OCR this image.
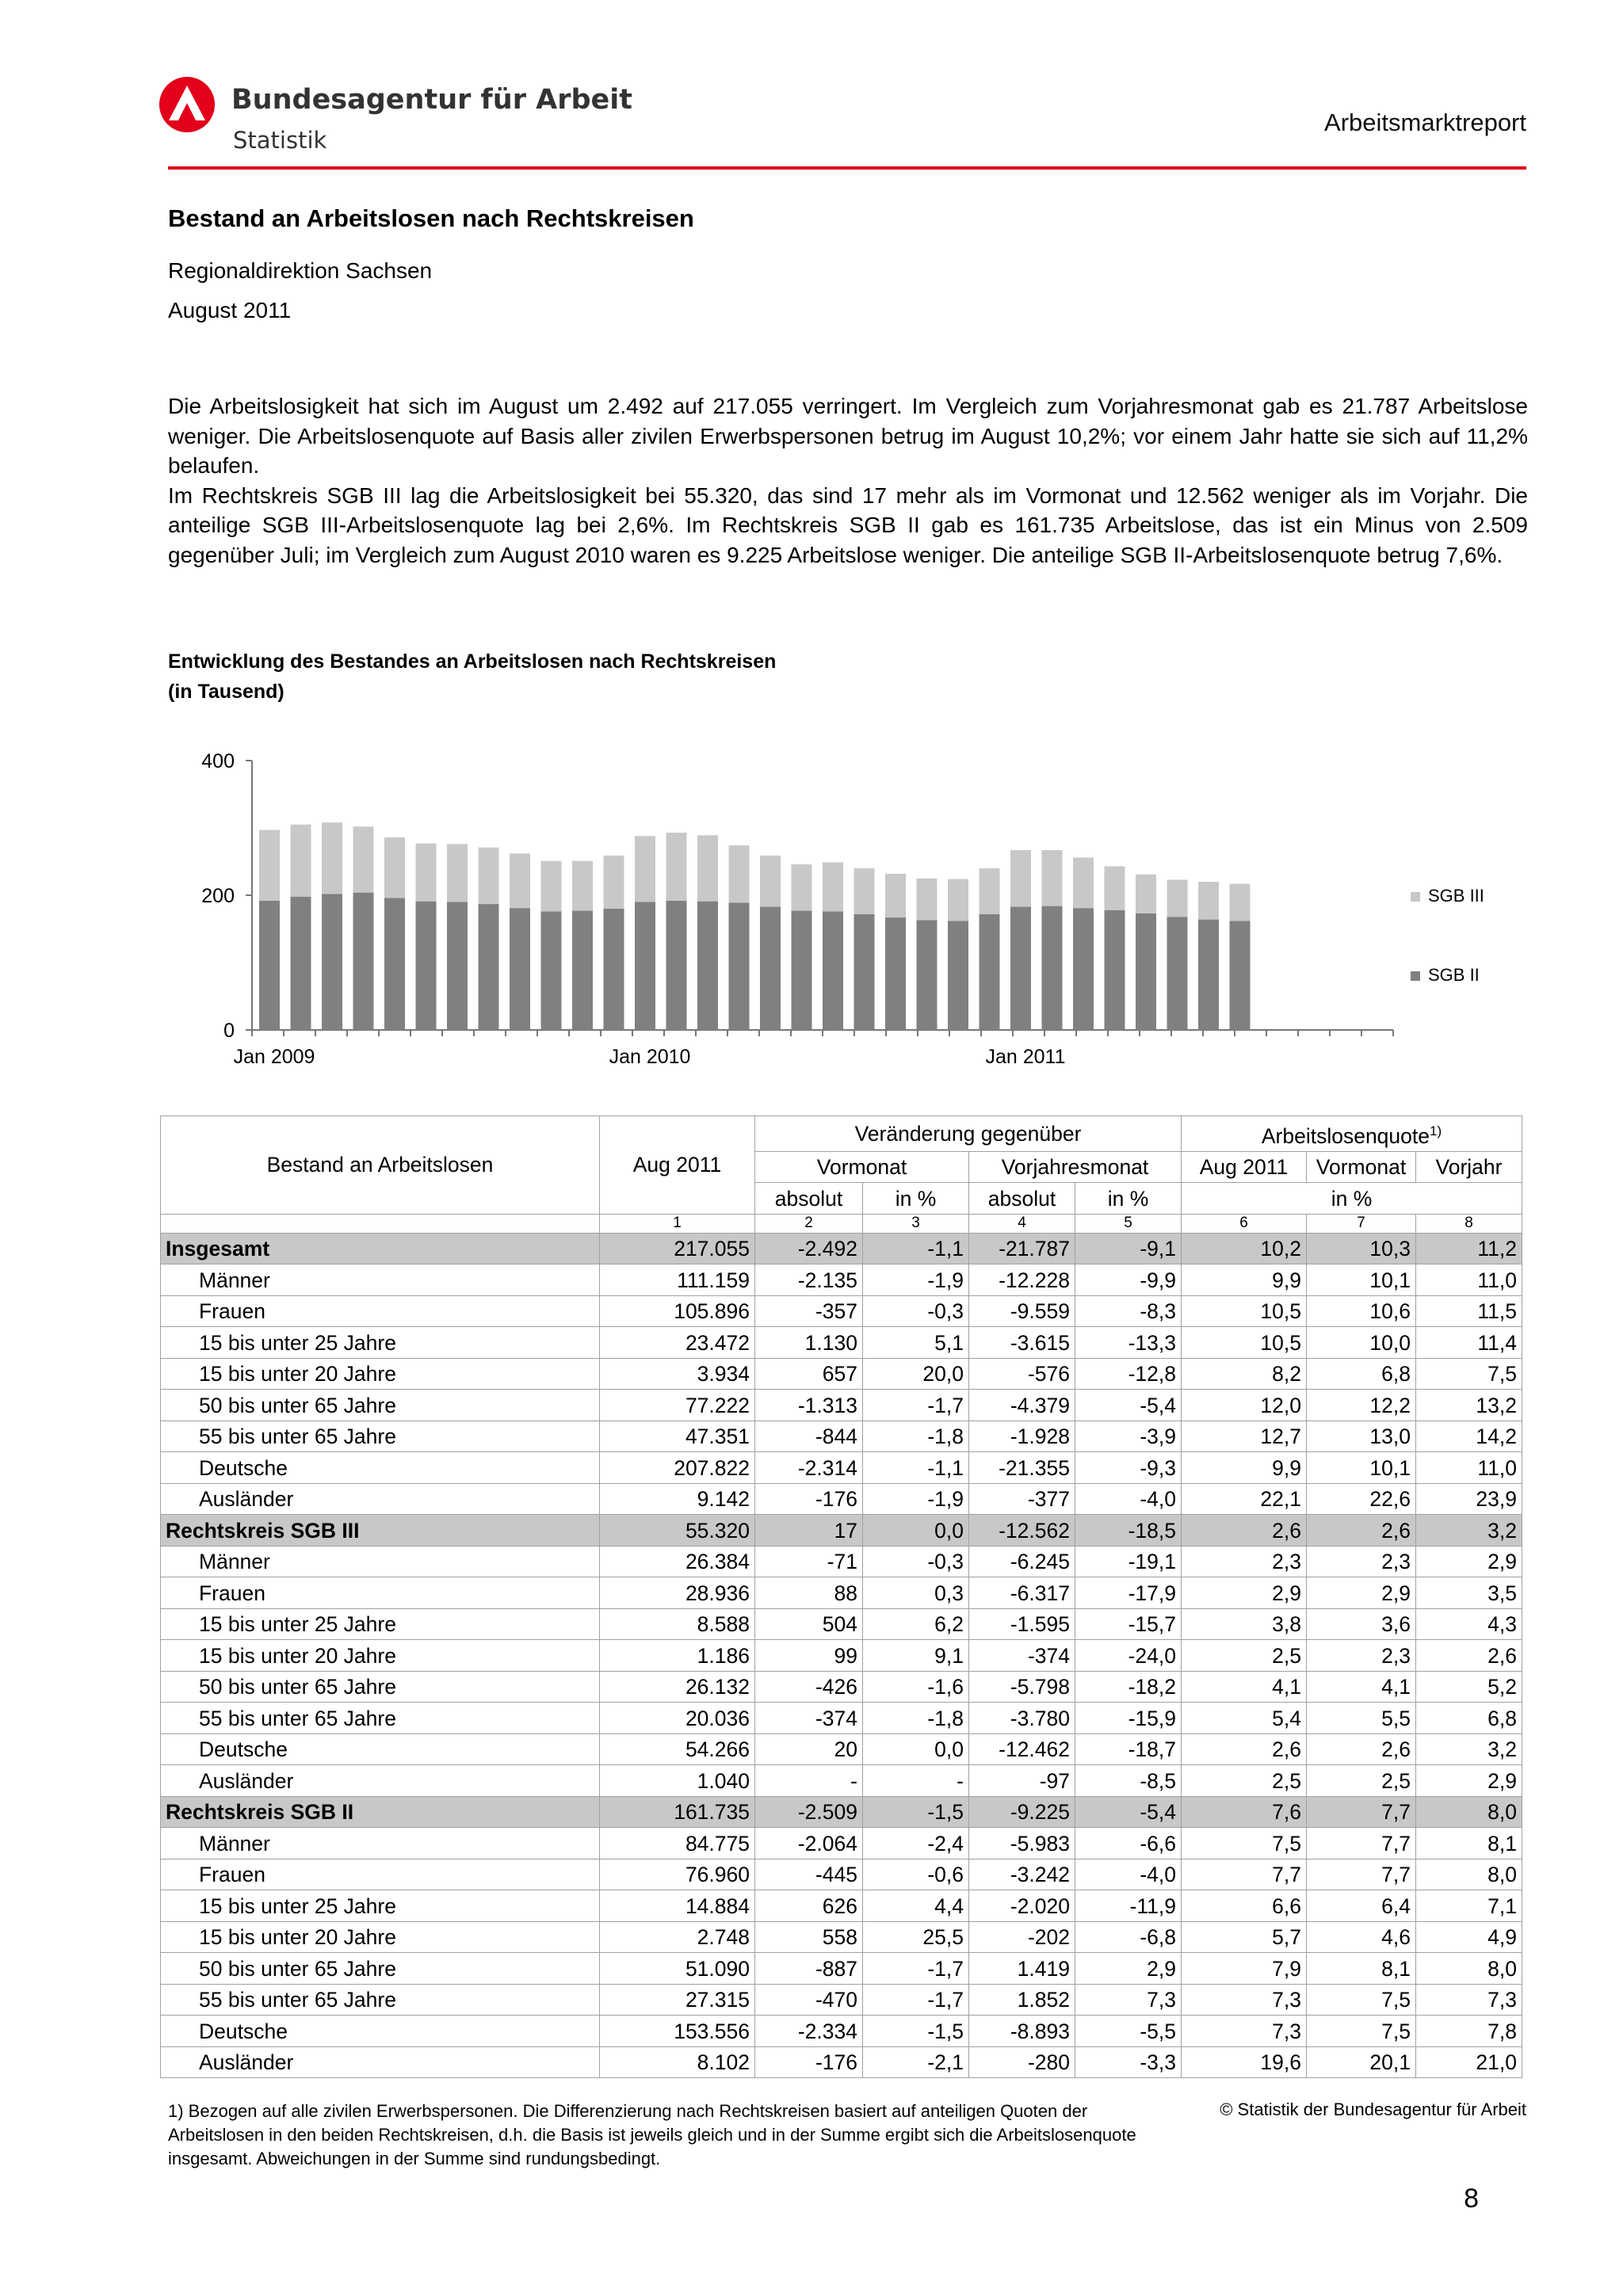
Bundesagentur für Arbeit
Statistik
Arbeitsmarktreport
Bestand an Arbeitslosen nach Rechtskreisen
Regionaldirektion Sachsen
August 2011

Die Arbeitslosigkeit hat sich im August um 2.492 auf 217.055 verringert. Im Vergleich zum Vorjahresmonat gab es 21.787 Arbeitslose weniger. Die Arbeitslosenquote auf Basis aller zivilen Erwerbspersonen betrug im August 10,2%; vor einem Jahr hatte sie sich auf 11,2% belaufen.

Im Rechtskreis SGB III lag die Arbeitslosigkeit bei 55.320, das sind 17 mehr als im Vormonat und 12.562 weniger als im Vorjahr. Die anteilige SGB III-Arbeitslosenquote lag bei 2,6%. Im Rechtskreis SGB II gab es 161.735 Arbeitslose, das ist ein Minus von 2.509 gegenüber Juli; im Vergleich zum August 2010 waren es 9.225 Arbeitslose weniger. Die anteilige SGB II-Arbeitslosenquote betrug 7,6%.

Entwicklung des Bestandes an Arbeitslosen nach Rechtskreisen
(in Tausend)
0
200
400
Jan 2009	Jan 2010	Jan 2011
SGB III
SGB II
Bestand an Arbeitslosen	Aug 2011	Veränderung gegenüber				Arbeitslosenquote$^{1)}$
		Vormonat		Vorjahresmonat		Aug 2011	Vormonat	Vorjahr
		absolut	in %	absolut	in %	in %		
	1	2	3	4	5	6	7	8
Insgesamt	217.055	-2.492	-1,1	-21.787	-9,1	10,2	10,3	11,2
Männer	111.159	-2.135	-1,9	-12.228	-9,9	9,9	10,1	11,0
Frauen	105.896	-357	-0,3	-9.559	-8,3	10,5	10,6	11,5
15 bis unter 25 Jahre	23.472	1.130	5,1	-3.615	-13,3	10,5	10,0	11,4
15 bis unter 20 Jahre	3.934	657	20,0	-576	-12,8	8,2	6,8	7,5
50 bis unter 65 Jahre	77.222	-1.313	-1,7	-4.379	-5,4	12,0	12,2	13,2
55 bis unter 65 Jahre	47.351	-844	-1,8	-1.928	-3,9	12,7	13,0	14,2
Deutsche	207.822	-2.314	-1,1	-21.355	-9,3	9,9	10,1	11,0
Ausländer	9.142	-176	-1,9	-377	-4,0	22,1	22,6	23,9
Rechtskreis SGB III	55.320	17	0,0	-12.562	-18,5	2,6	2,6	3,2
Männer	26.384	-71	-0,3	-6.245	-19,1	2,3	2,3	2,9
Frauen	28.936	88	0,3	-6.317	-17,9	2,9	2,9	3,5
15 bis unter 25 Jahre	8.588	504	6,2	-1.595	-15,7	3,8	3,6	4,3
15 bis unter 20 Jahre	1.186	99	9,1	-374	-24,0	2,5	2,3	2,6
50 bis unter 65 Jahre	26.132	-426	-1,6	-5.798	-18,2	4,1	4,1	5,2
55 bis unter 65 Jahre	20.036	-374	-1,8	-3.780	-15,9	5,4	5,5	6,8
Deutsche	54.266	20	0,0	-12.462	-18,7	2,6	2,6	3,2
Ausländer	1.040	-	-	-97	-8,5	2,5	2,5	2,9
Rechtskreis SGB II	161.735	-2.509	-1,5	-9.225	-5,4	7,6	7,7	8,0
Männer	84.775	-2.064	-2,4	-5.983	-6,6	7,5	7,7	8,1
Frauen	76.960	-445	-0,6	-3.242	-4,0	7,7	7,7	8,0
15 bis unter 25 Jahre	14.884	626	4,4	-2.020	-11,9	6,6	6,4	7,1
15 bis unter 20 Jahre	2.748	558	25,5	-202	-6,8	5,7	4,6	4,9
50 bis unter 65 Jahre	51.090	-887	-1,7	1.419	2,9	7,9	8,1	8,0
55 bis unter 65 Jahre	27.315	-470	-1,7	1.852	7,3	7,3	7,5	7,3
Deutsche	153.556	-2.334	-1,5	-8.893	-5,5	7,3	7,5	7,8
Ausländer	8.102	-176	-2,1	-280	-3,3	19,6	20,1	21,0
1) Bezogen auf alle zivilen Erwerbspersonen. Die Differenzierung nach Rechtskreisen basiert auf anteiligen Quoten der Arbeitslosen in den beiden Rechtskreisen, d.h. die Basis ist jeweils gleich und in der Summe ergibt sich die Arbeitslosenquote insgesamt. Abweichungen in der Summe sind rundungsbedingt.
© Statistik der Bundesagentur für Arbeit
8
